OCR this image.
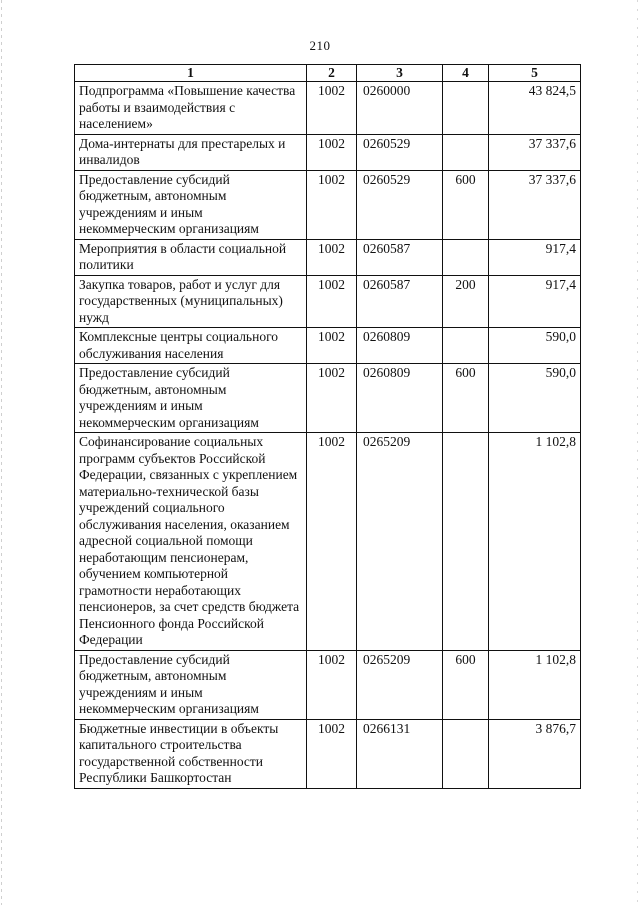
210
1	2	3	4	5
Подпрограмма «Повышение качества работы и взаимодействия с населением»	1002	0260000		43 824,5
Дома-интернаты для престарелых и инвалидов	1002	0260529		37 337,6
Предоставление субсидий бюджетным, автономным учреждениям и иным некоммерческим организациям	1002	0260529	600	37 337,6
Мероприятия в области социальной политики	1002	0260587		917,4
Закупка товаров, работ и услуг для государственных (муниципальных) нужд	1002	0260587	200	917,4
Комплексные центры социального обслуживания населения	1002	0260809		590,0
Предоставление субсидий бюджетным, автономным учреждениям и иным некоммерческим организациям	1002	0260809	600	590,0
Софинансирование социальных программ субъектов Российской Федерации, связанных с укреплением материально-технической базы учреждений социального обслуживания населения, оказанием адресной социальной помощи неработающим пенсионерам, обучением компьютерной грамотности неработающих пенсионеров, за счет средств бюджета Пенсионного фонда Российской Федерации	1002	0265209		1 102,8
Предоставление субсидий бюджетным, автономным учреждениям и иным некоммерческим организациям	1002	0265209	600	1 102,8
Бюджетные инвестиции в объекты капитального строительства государственной собственности Республики Башкортостан	1002	0266131		3 876,7
